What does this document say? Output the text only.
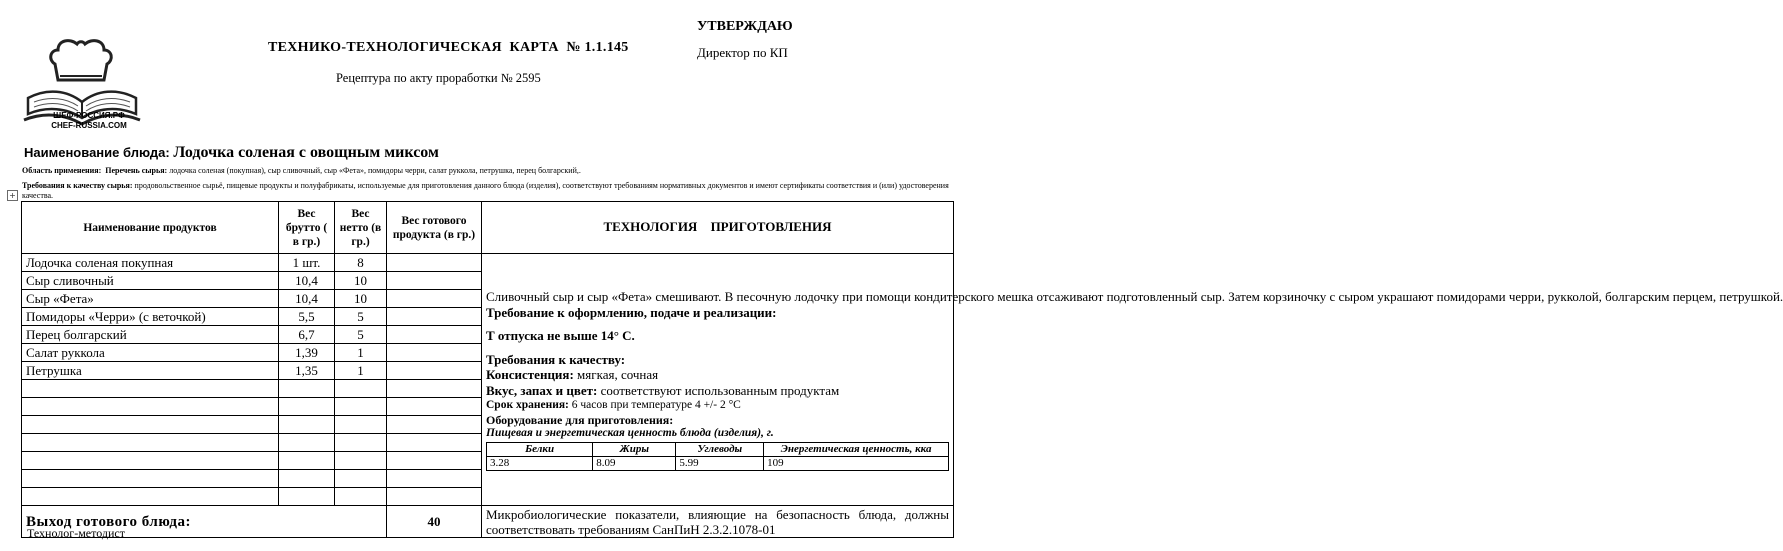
ШЕФ-РОССИЯ.РФ
CHEF-RUSSIA.COM
ТЕХНИКО-ТЕХНОЛОГИЧЕСКАЯ  КАРТА  № 1.1.145
Рецептура по акту проработки № 2595
УТВЕРЖДАЮ
Директор по КП
Наименование блюда: Лодочка соленая с овощным миксом
Область применения: Перечень сырья: лодочка соленая (покупная), сыр сливочный, сыр «Фета», помидоры черри, салат руккола, петрушка, перец болгарский,.
Требования к качеству сырья: продовольственное сырьё, пищевые продукты и полуфабрикаты, используемые для приготовления данного блюда (изделия), соответствуют требованиям нормативных документов и имеют сертификаты соответствия и (или) удостоверения качества.
+
Наименование продуктов	Вес брутто ( в гр.)	Вес нетто (в гр.)	Вес готового продукта (в гр.)	ТЕХНОЛОГИЯ ПРИГОТОВЛЕНИЯ
Лодочка соленая покупная	1 шт.	8		
Сливочный сыр и сыр «Фета» смешивают. В песочную лодочку при помощи кондитерского мешка отсаживают подготовленный сыр. Затем корзиночку с сыром украшают помидорами черри, рукколой, болгарским перцем, петрушкой.
Требование к оформлению, подаче и реализации:
Т отпуска не выше 14° С.
Требования к качеству:
Консистенция: мягкая, сочная
Вкус, запах и цвет: соответствуют использованным продуктам
Срок хранения: 6 часов при температуре 4 +/- 2 °С
Оборудование для приготовления:
Пищевая и энергетическая ценность блюда (изделия), г.
Белки	Жиры	Углеводы	Энергетическая ценность, кка
3.28	8.09	5.99	109

Сыр сливочный	10,4	10	
Сыр «Фета»	10,4	10	
Помидоры «Черри» (с веточкой)	5,5	5	
Перец болгарский	6,7	5	
Салат руккола	1,39	1	
Петрушка	1,35	1	

Выход готового блюда:	40	Микробиологические показатели, влияющие на безопасность блюда, должны соответствовать требованиям СанПиН 2.3.2.1078-01
Технолог-методист
